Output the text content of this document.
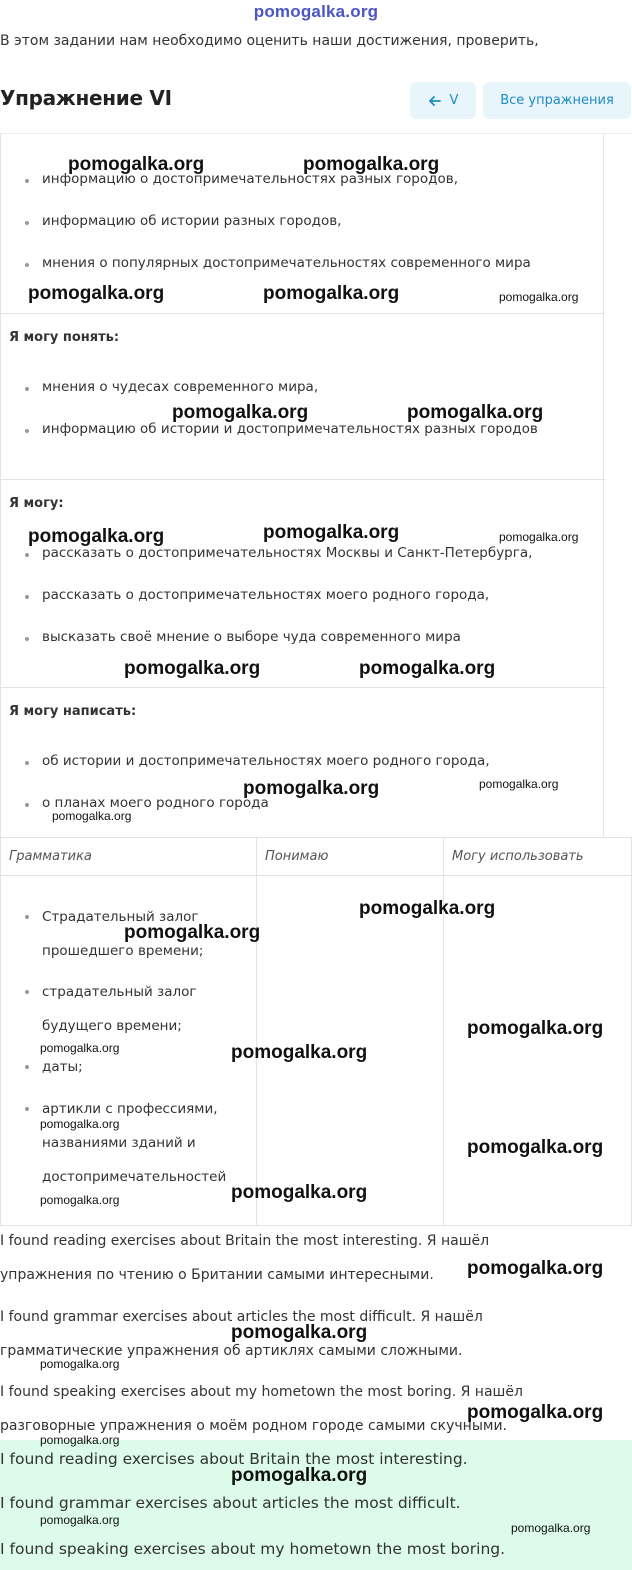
pomogalka.org
В этом задании нам необходимо оценить наши достижения, проверить,
информацию о достопримечательностях разных городов,
информацию об истории разных городов,
мнения о популярных достопримечательностях современного мира
Я могу понять:
мнения о чудесах современного мира,
информацию об истории и достопримечательностях разных городов
Я могу:
рассказать о достопримечательностях Москвы и Санкт-Петербурга,
рассказать о достопримечательностях моего родного города,
высказать своё мнение о выборе чуда современного мира
Я могу написать:
об истории и достопримечательностях моего родного города,
о планах моего родного города
Упражнение VI	V	Все упражнения
Грамматика	Понимаю	Могу использовать
Страдательный залог
прошедшего времени;
страдательный залог
будущего времени;
даты;
артикли с профессиями,
названиями зданий и
достопримечательностей
I found reading exercises about Britain the most interesting. Я нашёл
упражнения по чтению о Британии самыми интересными.
I found grammar exercises about articles the most difficult. Я нашёл
грамматические упражнения об артиклях самыми сложными.
I found speaking exercises about my hometown the most boring. Я нашёл
разговорные упражнения о моём родном городе самыми скучными.
I found reading exercises about Britain the most interesting.
I found grammar exercises about articles the most difficult.
I found speaking exercises about my hometown the most boring.
pomogalka.org	pomogalka.org
pomogalka.org	pomogalka.org	pomogalka.org
pomogalka.org	pomogalka.org
pomogalka.org	pomogalka.org	pomogalka.org
pomogalka.org	pomogalka.org
pomogalka.org	pomogalka.org
pomogalka.org
pomogalka.org
pomogalka.org
pomogalka.org
pomogalka.org	pomogalka.org
pomogalka.org
pomogalka.org
pomogalka.org
pomogalka.org
pomogalka.org
pomogalka.org
pomogalka.org
pomogalka.org
pomogalka.org
pomogalka.org
pomogalka.org
pomogalka.org
